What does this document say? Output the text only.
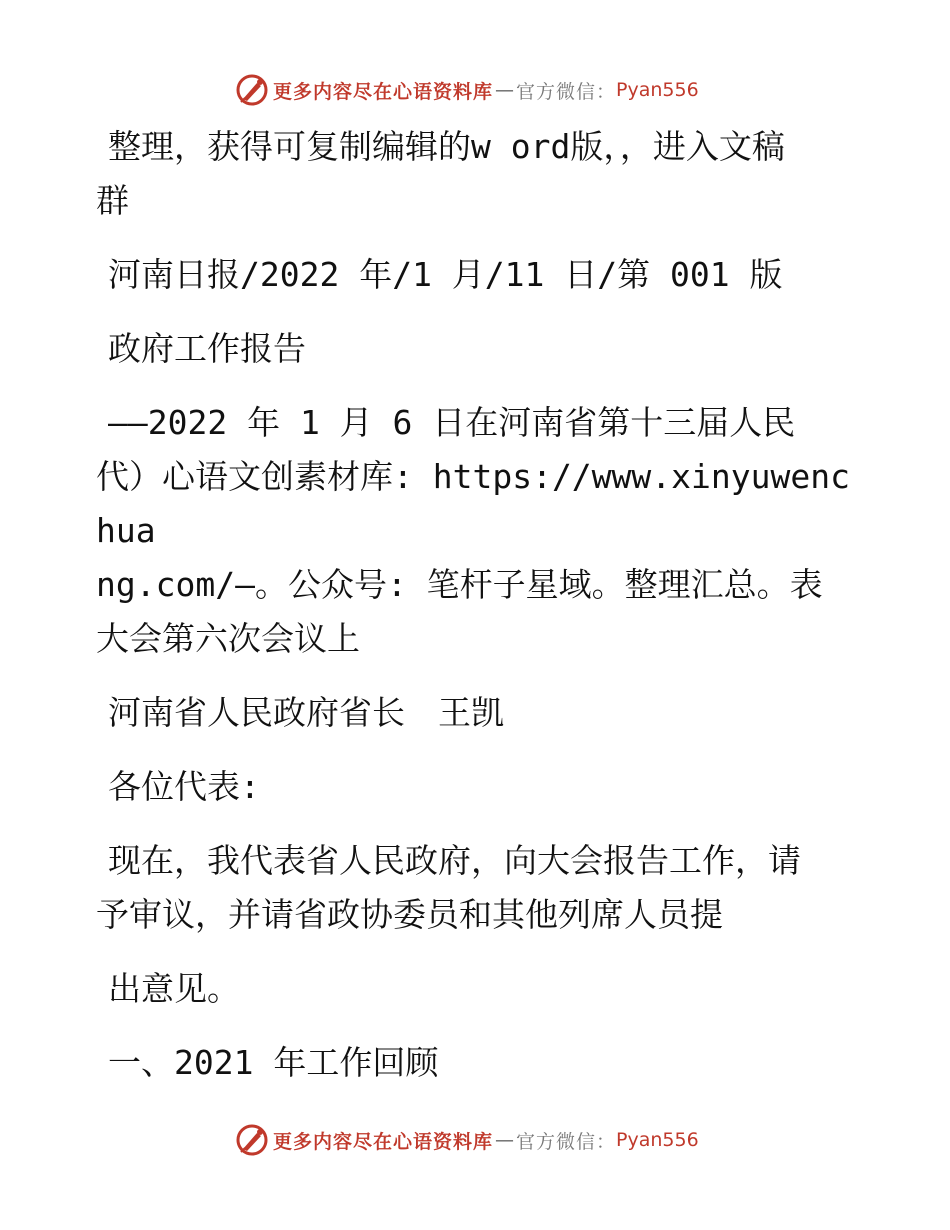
更多内容尽在心语资料库 — 官方微信： Pyan556

整理，获得可复制编辑的w ord版，，进入文稿
群

河南日报/2022 年/1 月/11 日/第 001 版

政府工作报告

——2022 年 1 月 6 日在河南省第十三届人民
代）心语文创素材库: https://www.xinyuwenchua
ng.com/—。公众号: 笔杆子星域。整理汇总。表
大会第六次会议上

河南省人民政府省长　王凯

各位代表:

现在，我代表省人民政府，向大会报告工作，请
予审议，并请省政协委员和其他列席人员提

出意见。

一、2021 年工作回顾

更多内容尽在心语资料库 — 官方微信： Pyan556
